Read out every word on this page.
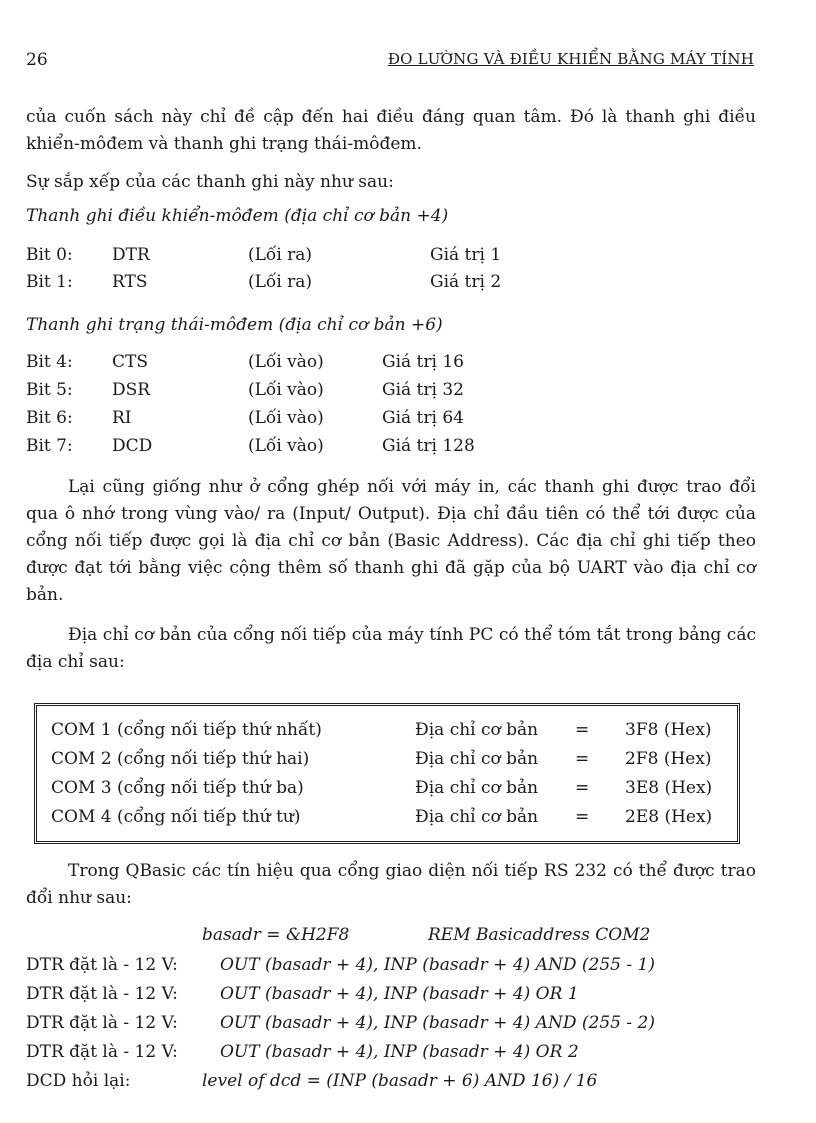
26	ĐO LƯỜNG VÀ ĐIỀU KHIỂN BẰNG MÁY TÍNH
của cuốn sách này chỉ đề cập đến hai điều đáng quan tâm. Đó là thanh ghi điều khiển-môđem và thanh ghi trạng thái-môđem.
Sự sắp xếp của các thanh ghi này như sau:
Thanh ghi điều khiển-môđem (địa chỉ cơ bản +4)
Bit 0: DTR	(Lối ra)	Giá trị 1
Bit 1: RTS	(Lối ra)	Giá trị 2
Thanh ghi trạng thái-môđem (địa chỉ cơ bản +6)
Bit 4: CTS	(Lối vào)	Giá trị 16
Bit 5: DSR	(Lối vào)	Giá trị 32
Bit 6: RI	(Lối vào)	Giá trị 64
Bit 7: DCD	(Lối vào)	Giá trị 128
Lại cũng giống như ở cổng ghép nối với máy in, các thanh ghi được trao đổi qua ô nhớ trong vùng vào/ ra (Input/ Output). Địa chỉ đầu tiên có thể tới được của cổng nối tiếp được gọi là địa chỉ cơ bản (Basic Address). Các địa chỉ ghi tiếp theo được đạt tới bằng việc cộng thêm số thanh ghi đã gặp của bộ UART vào địa chỉ cơ bản.
Địa chỉ cơ bản của cổng nối tiếp của máy tính PC có thể tóm tắt trong bảng các địa chỉ sau:
COM 1 (cổng nối tiếp thứ nhất)	Địa chỉ cơ bản = 3F8 (Hex)
COM 2 (cổng nối tiếp thứ hai)	Địa chỉ cơ bản = 2F8 (Hex)
COM 3 (cổng nối tiếp thứ ba)	Địa chỉ cơ bản = 3E8 (Hex)
COM 4 (cổng nối tiếp thứ tư)	Địa chỉ cơ bản = 2E8 (Hex)
Trong QBasic các tín hiệu qua cổng giao diện nối tiếp RS 232 có thể được trao đổi như sau:
basadr = &H2F8	REM Basicaddress COM2
DTR đặt là - 12 V: OUT (basadr + 4), INP (basadr + 4) AND (255 - 1)
DTR đặt là - 12 V: OUT (basadr + 4), INP (basadr + 4) OR 1
DTR đặt là - 12 V: OUT (basadr + 4), INP (basadr + 4) AND (255 - 2)
DTR đặt là - 12 V: OUT (basadr + 4), INP (basadr + 4) OR 2
DCD hỏi lại:	level of dcd = (INP (basadr + 6) AND 16) / 16
